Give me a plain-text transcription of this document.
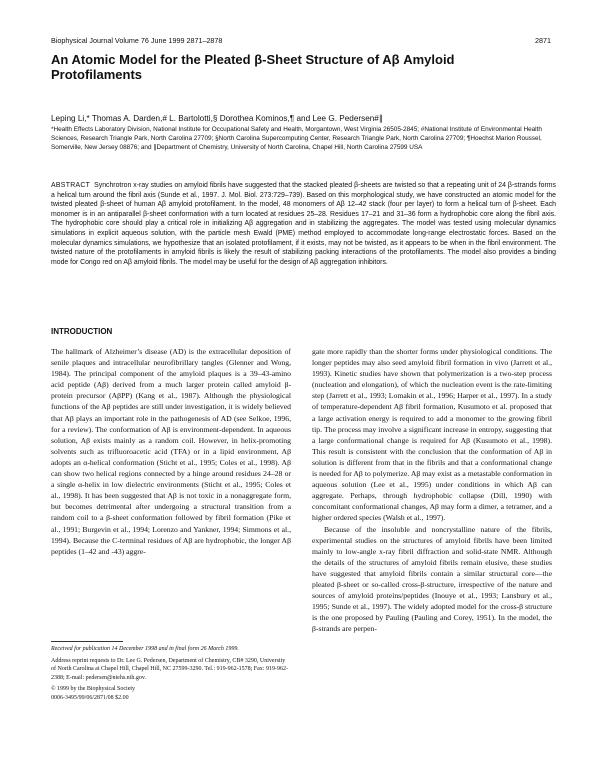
Biophysical Journal Volume 76 June 1999 2871–2878	2871
An Atomic Model for the Pleated β-Sheet Structure of Aβ Amyloid Protofilaments
Leping Li,* Thomas A. Darden,# L. Bartolotti,§ Dorothea Kominos,¶ and Lee G. Pedersen#∥
*Health Effects Laboratory Division, National Institute for Occupational Safety and Health, Morgantown, West Virginia 26505-2845; #National Institute of Environmental Health Sciences, Research Triangle Park, North Carolina 27709; §North Carolina Supercomputing Center, Research Triangle Park, North Carolina 27709; ¶Hoechst Marion Roussel, Somerville, New Jersey 08876; and ∥Department of Chemistry, University of North Carolina, Chapel Hill, North Carolina 27599 USA
ABSTRACT Synchrotron x-ray studies on amyloid fibrils have suggested that the stacked pleated β-sheets are twisted so that a repeating unit of 24 β-strands forms a helical turn around the fibril axis (Sunde et al., 1997. J. Mol. Biol. 273:729–739). Based on this morphological study, we have constructed an atomic model for the twisted pleated β-sheet of human Aβ amyloid protofilament. In the model, 48 monomers of Aβ 12–42 stack (four per layer) to form a helical turn of β-sheet. Each monomer is in an antiparallel β-sheet conformation with a turn located at residues 25–28. Residues 17–21 and 31–36 form a hydrophobic core along the fibril axis. The hydrophobic core should play a critical role in initializing Aβ aggregation and in stabilizing the aggregates. The model was tested using molecular dynamics simulations in explicit aqueous solution, with the particle mesh Ewald (PME) method employed to accommodate long-range electrostatic forces. Based on the molecular dynamics simulations, we hypothesize that an isolated protofilament, if it exists, may not be twisted, as it appears to be when in the fibril environment. The twisted nature of the protofilaments in amyloid fibrils is likely the result of stabilizing packing interactions of the protofilaments. The model also provides a binding mode for Congo red on Aβ amyloid fibrils. The model may be useful for the design of Aβ aggregation inhibitors.
INTRODUCTION

The hallmark of Alzheimer’s disease (AD) is the extracellular deposition of senile plaques and intracellular neurofibrillary tangles (Glenner and Wong, 1984). The principal component of the amyloid plaques is a 39–43-amino acid peptide (Aβ) derived from a much larger protein called amyloid β-protein precursor (AβPP) (Kang et al., 1987). Although the physiological functions of the Aβ peptides are still under investigation, it is widely believed that Aβ plays an important role in the pathogenesis of AD (see Selkoe, 1996, for a review). The conformation of Aβ is environment-dependent. In aqueous solution, Aβ exists mainly as a random coil. However, in helix-promoting solvents such as trifluoroacetic acid (TFA) or in a lipid environment, Aβ adopts an α-helical conformation (Sticht et al., 1995; Coles et al., 1998). Aβ can show two helical regions connected by a hinge around residues 24–28 or a single α-helix in low dielectric environments (Sticht et al., 1995; Coles et al., 1998). It has been suggested that Aβ is not toxic in a nonaggregate form, but becomes detrimental after undergoing a structural transition from a random coil to a β-sheet conformation followed by fibril formation (Pike et al., 1991; Burgevin et al., 1994; Lorenzo and Yankner, 1994; Simmons et al., 1994). Because the C-terminal residues of Aβ are hydrophobic, the longer Aβ peptides (1–42 and -43) aggre-

gate more rapidly than the shorter forms under physiological conditions. The longer peptides may also seed amyloid fibril formation in vivo (Jarrett et al., 1993). Kinetic studies have shown that polymerization is a two-step process (nucleation and elongation), of which the nucleation event is the rate-limiting step (Jarrett et al., 1993; Lomakin et al., 1996; Harper et al., 1997). In a study of temperature-dependent Aβ fibril formation, Kusumoto et al. proposed that a large activation energy is required to add a monomer to the growing fibril tip. The process may involve a significant increase in entropy, suggesting that a large conformational change is required for Aβ (Kusumoto et al., 1998). This result is consistent with the conclusion that the conformation of Aβ in solution is different from that in the fibrils and that a conformational change is needed for Aβ to polymerize. Aβ may exist as a metastable conformation in aqueous solution (Lee et al., 1995) under conditions in which Aβ can aggregate. Perhaps, through hydrophobic collapse (Dill, 1990) with concomitant conformational changes, Aβ may form a dimer, a tetramer, and a higher ordered species (Walsh et al., 1997).

Because of the insoluble and noncrystalline nature of the fibrils, experimental studies on the structures of amyloid fibrils have been limited mainly to low-angle x-ray fibril diffraction and solid-state NMR. Although the details of the structures of amyloid fibrils remain elusive, these studies have suggested that amyloid fibrils contain a similar structural core—the pleated β-sheet or so-called cross-β-structure, irrespective of the nature and sources of amyloid proteins/peptides (Inouye et al., 1993; Lansbury et al., 1995; Sunde et al., 1997). The widely adopted model for the cross-β structure is the one proposed by Pauling (Pauling and Corey, 1951). In the model, the β-strands are perpen-

Received for publication 14 December 1998 and in final form 26 March 1999.

Address reprint requests to Dr. Lee G. Pedersen, Department of Chemistry, CB# 3290, University of North Carolina at Chapel Hill, Chapel Hill, NC 27599-3290. Tel.: 919-962-1578; Fax: 919-962-2388; E-mail: pedersen@niehs.nih.gov.

© 1999 by the Biophysical Society

0006-3495/99/06/2871/08 $2.00
